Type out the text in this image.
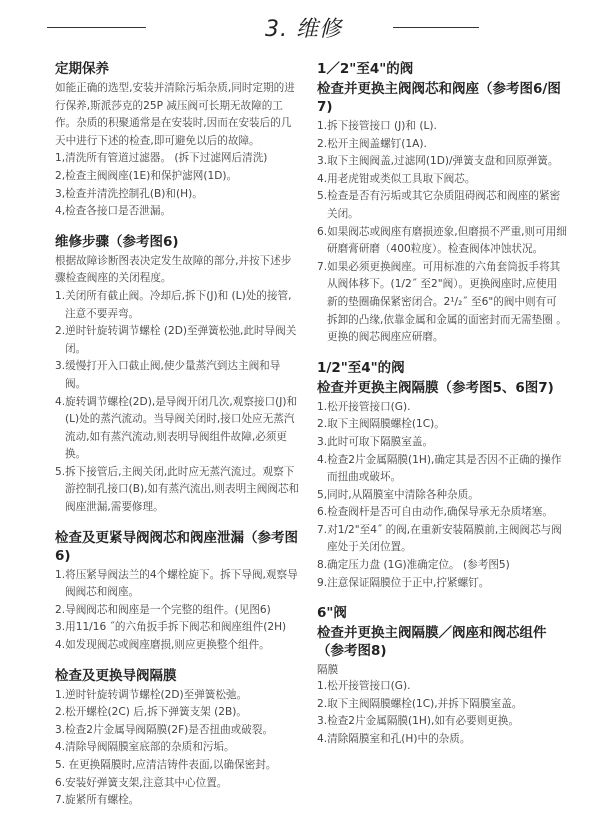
3. 维修
定期保养

如能正确的选型,安装并清除污垢杂质,同时定期的进行保养,斯派莎克的25P 减压阀可长期无故障的工作。杂质的积聚通常是在安装时,因而在安装后的几天中进行下述的检查,即可避免以后的故障。

1,清洗所有管道过滤器。 (拆下过滤网后清洗)
2,检查主阀阀座(1E)和保护滤网(1D)。
3,检查并清洗控制孔(B)和(H)。
4,检查各接口是否泄漏。
维修步骤（参考图6)

根据故障诊断图表决定发生故障的部分,并按下述步骤检查阀座的关闭程度。

1.关闭所有截止阀。冷却后,拆下(J)和 (L)处的接管,注意不要弄弯。
2.逆时针旋转调节螺栓 (2D)至弹簧松弛,此时导阀关闭。
3.缓慢打开入口截止阀,使少量蒸汽到达主阀和导阀。
4.旋转调节螺栓(2D),是导阀开闭几次,观察接口(J)和(L)处的蒸汽流动。当导阀关闭时,接口处应无蒸汽流动,如有蒸汽流动,则表明导阀组件故障,必须更换。
5.拆下接管后,主阀关闭,此时应无蒸汽流过。观察下游控制孔接口(B),如有蒸汽流出,则表明主阀阀芯和阀座泄漏,需要修理。
检查及更紧导阀阀芯和阀座泄漏（参考图6)
1.将压紧导阀法兰的4个螺栓旋下。拆下导阀,观察导阀阀芯和阀座。
2.导阀阀芯和阀座是一个完整的组件。(见图6)
3.用11/16 ˝的六角扳手拆下阀芯和阀座组件(2H)
4.如发现阀芯或阀座磨损,则应更换整个组件。
检查及更换导阀隔膜
1.逆时针旋转调节螺栓(2D)至弹簧松弛。
2.松开螺栓(2C) 后,拆下弹簧支架 (2B)。
3.检查2片金属导阀隔膜(2F)是否扭曲或破裂。
4.清除导阀隔膜室底部的杂质和污垢。
5. 在更换隔膜时,应清洁铸件表面,以确保密封。
6.安装好弹簧支架,注意其中心位置。
7.旋紧所有螺栓。
1／2"至4"的阀
检查并更换主阀阀芯和阀座（参考图6/图7)
1.拆下接管接口 (J)和 (L).
2.松开主阀盖螺钉(1A).
3.取下主阀阀盖,过滤网(1D)/弹簧支盘和回原弹簧。
4.用老虎钳或类似工具取下阀芯。
5.检查是否有污垢或其它杂质阻碍阀芯和阀座的紧密关闭。
6.如果阀芯或阀座有磨损迹象,但磨损不严重,则可用细研磨膏研磨（400粒度）。检查阀体冲蚀状况。
7.如果必须更换阀座。可用标准的六角套筒扳手将其从阀体移下。(1/2˝ 至2"阀）。更换阀座时,应使用新的垫圈确保紧密闭合。2¹/₂˝ 至6"的阀中则有可拆卸的凸缘,依靠金属和金属的面密封而无需垫圈 。更换的阀芯阀座应研磨。
1/2"至4"的阀
检查并更换主阀隔膜（参考图5、6图7)
1.松开接管接口(G).
2.取下主阀隔膜螺栓(1C)。
3.此时可取下隔膜室盖。
4.检查2片金属隔膜(1H),确定其是否因不正确的操作而扭曲或破坏。
5,同时,从隔膜室中清除各种杂质。
6.检查阀杆是否可自由动作,确保导承无杂质堵塞。
7.对1/2"至4˝ 的阀,在重新安装隔膜前,主阀阀芯与阀座处于关闭位置。
8.确定压力盘 (1G)准确定位。 (参考图5)
9.注意保证隔膜位于正中,拧紧螺钉。
6"阀
检查并更换主阀隔膜／阀座和阀芯组件（参考图8)
隔膜
1.松开接管接口(G).
2.取下主阀隔膜螺栓(1C),并拆下隔膜室盖。
3.检查2片金属隔膜(1H),如有必要则更换。
4.清除隔膜室和孔(H)中的杂质。
